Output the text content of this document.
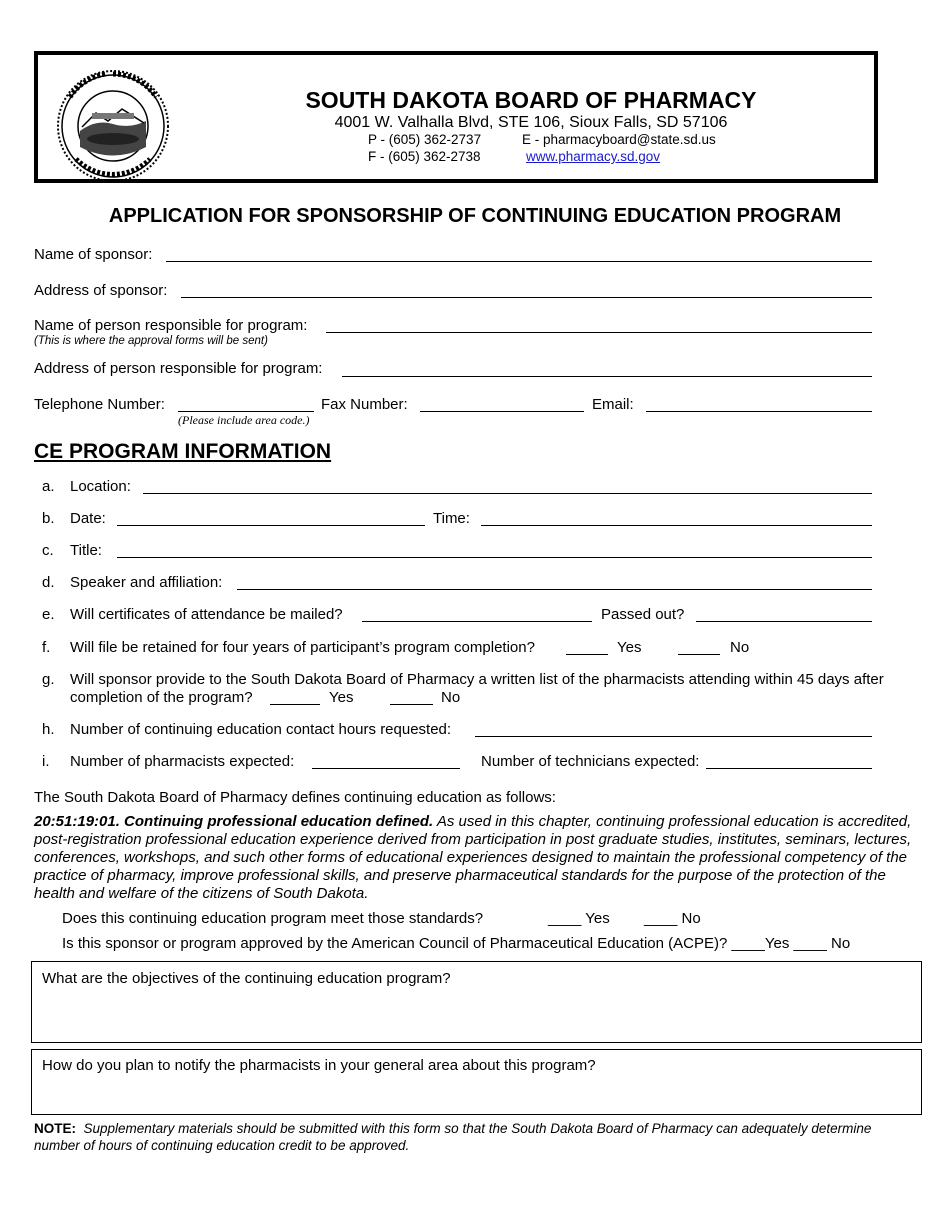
SOUTH DAKOTA BOARD OF PHARMACY
4001 W. Valhalla Blvd, STE 106, Sioux Falls, SD 57106
P - (605) 362-2737	E - pharmacyboard@state.sd.us
F - (605) 362-2738	www.pharmacy.sd.gov
APPLICATION FOR SPONSORSHIP OF CONTINUING EDUCATION PROGRAM
Name of sponsor:
Address of sponsor:
Name of person responsible for program:
(This is where the approval forms will be sent)
Address of person responsible for program:
Telephone Number:
(Please include area code.)
Fax Number:	Email:
CE PROGRAM INFORMATION
a. Location:
b. Date:	Time:
c. Title:
d. Speaker and affiliation:
e. Will certificates of attendance be mailed?	Passed out?
f. Will file be retained for four years of participant’s program completion?	Yes	No
g. Will sponsor provide to the South Dakota Board of Pharmacy a written list of the pharmacists attending within 45 days after
completion of the program?	Yes	No
h. Number of continuing education contact hours requested:
i. Number of pharmacists expected:	Number of technicians expected:
The South Dakota Board of Pharmacy defines continuing education as follows:
20:51:19:01. Continuing professional education defined. As used in this chapter, continuing professional education is accredited, post-registration professional education experience derived from participation in post graduate studies, institutes, seminars, lectures, conferences, workshops, and such other forms of educational experiences designed to maintain the professional competency of the practice of pharmacy, improve professional skills, and preserve pharmaceutical standards for the purpose of the protection of the health and welfare of the citizens of South Dakota.
Does this continuing education program meet those standards?	____ Yes ____ No
Is this sponsor or program approved by the American Council of Pharmaceutical Education (ACPE)? ____Yes ____ No
What are the objectives of the continuing education program?
How do you plan to notify the pharmacists in your general area about this program?
NOTE: Supplementary materials should be submitted with this form so that the South Dakota Board of Pharmacy can adequately determine number of hours of continuing education credit to be approved.
